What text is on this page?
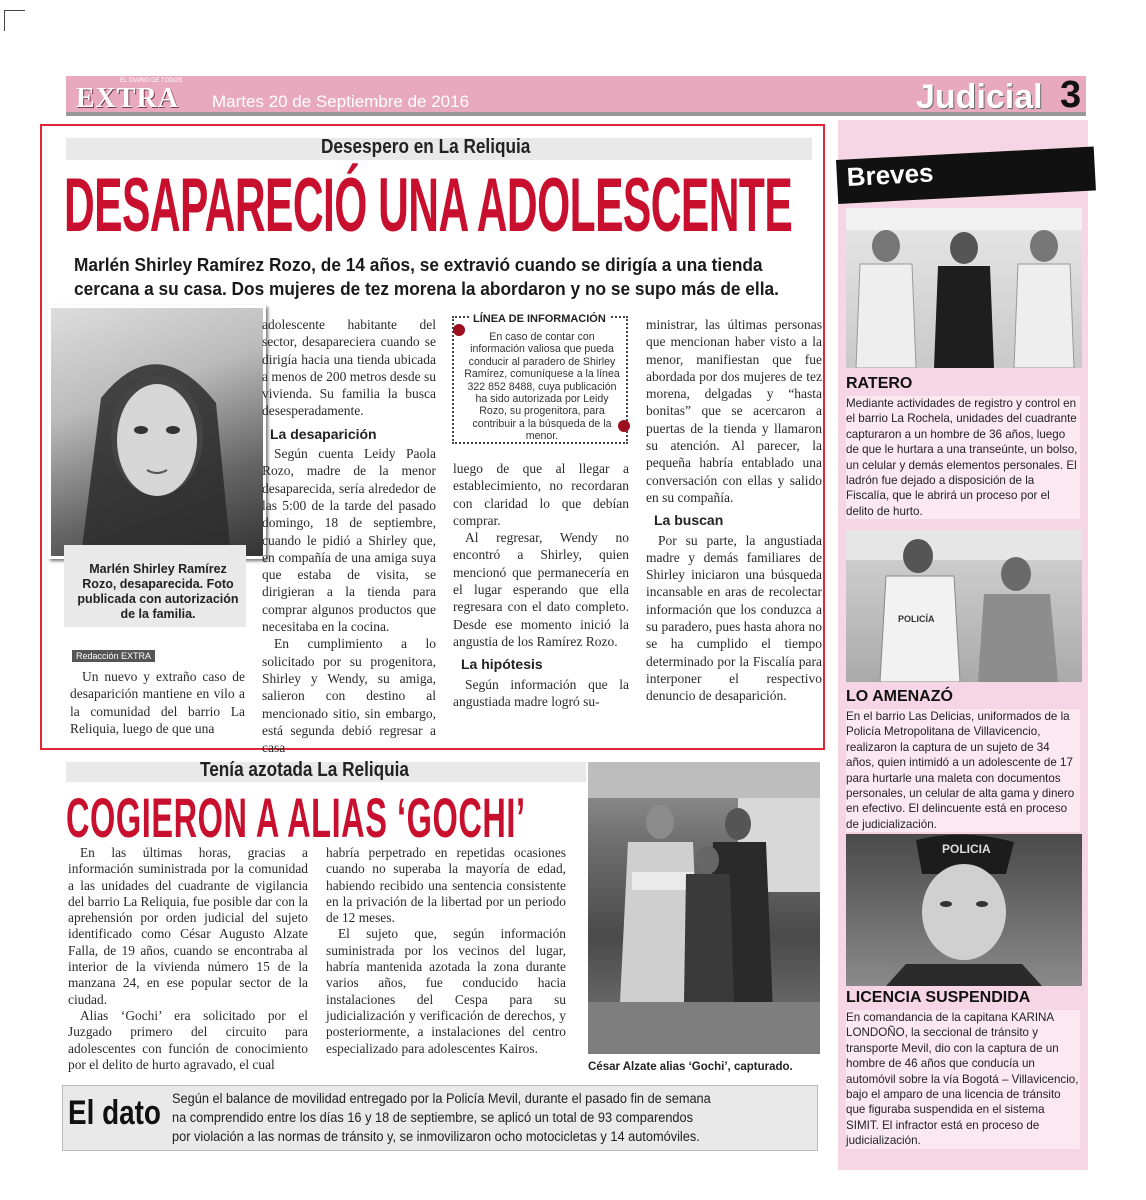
EL DIARIO DE TODOS
EXTRA Martes 20 de Septiembre de 2016	Judicial 3
Desespero en La Reliquia
DESAPARECIÓ UNA ADOLESCENTE
Marlén Shirley Ramírez Rozo, de 14 años, se extravió cuando se dirigía a una tienda
cercana a su casa. Dos mujeres de tez morena la abordaron y no se supo más de ella.
Marlén Shirley Ramírez Rozo, desaparecida. Foto publicada con autorización de la familia.
Redacción EXTRA

Un nuevo y extraño caso de desaparición mantiene en vilo a la comunidad del barrio La Reliquia, luego de que una

adolescente habitante del sector, desapareciera cuando se dirigía hacia una tienda ubicada a menos de 200 metros desde su vivienda. Su familia la busca desesperadamente.

La desaparición

Según cuenta Leidy Paola Rozo, madre de la menor desaparecida, sería alrededor de las 5:00 de la tarde del pasado domingo, 18 de septiembre, cuando le pidió a Shirley que, en compañía de una amiga suya que estaba de visita, se dirigieran a la tienda para comprar algunos productos que necesitaba en la cocina.

En cumplimiento a lo solicitado por su progenitora, Shirley y Wendy, su amiga, salieron con destino al mencionado sitio, sin embargo, está segunda debió regresar a casa

LÍNEA DE INFORMACIÓN
En caso de contar con información valiosa que pueda conducir al paradero de Shirley Ramírez, comuníquese a la línea 322 852 8488, cuya publicación ha sido autorizada por Leidy Rozo, su progenitora, para contribuir a la búsqueda de la menor.

luego de que al llegar a establecimiento, no recordaran con claridad lo que debían comprar.

Al regresar, Wendy no encontró a Shirley, quien mencionó que permanecería en el lugar esperando que ella regresara con el dato completo. Desde ese momento inició la angustia de los Ramírez Rozo.

La hipótesis

Según información que la angustiada madre logró su-

ministrar, las últimas personas que mencionan haber visto a la menor, manifiestan que fue abordada por dos mujeres de tez morena, delgadas y “hasta bonitas” que se acercaron a puertas de la tienda y llamaron su atención. Al parecer, la pequeña habría entablado una conversación con ellas y salido en su compañía.

La buscan

Por su parte, la angustiada madre y demás familiares de Shirley iniciaron una búsqueda incansable en aras de recolectar información que los conduzca a su paradero, pues hasta ahora no se ha cumplido el tiempo determinado por la Fiscalía para interponer el respectivo denuncio de desaparición.

Tenía azotada La Reliquia
COGIERON A ALIAS ‘GOCHI’

En las últimas horas, gracias a información suministrada por la comunidad a las unidades del cuadrante de vigilancia del barrio La Reliquia, fue posible dar con la aprehensión por orden judicial del sujeto identificado como César Augusto Alzate Falla, de 19 años, cuando se encontraba al interior de la vivienda número 15 de la manzana 24, en ese popular sector de la ciudad.

Alias ‘Gochi’ era solicitado por el Juzgado primero del circuito para adolescentes con función de conocimiento por el delito de hurto agravado, el cual

habría perpetrado en repetidas ocasiones cuando no superaba la mayoría de edad, habiendo recibido una sentencia consistente en la privación de la libertad por un periodo de 12 meses.

El sujeto que, según información suministrada por los vecinos del lugar, habría mantenida azotada la zona durante varios años, fue conducido hacia instalaciones del Cespa para su judicialización y verificación de derechos, y posteriormente, a instalaciones del centro especializado para adolescentes Kairos.

César Alzate alias ‘Gochi’, capturado.
El dato Según el balance de movilidad entregado por la Policía Mevil, durante el pasado fin de semana
na comprendido entre los días 16 y 18 de septiembre, se aplicó un total de 93 comparendos
por violación a las normas de tránsito y, se inmovilizaron ocho motocicletas y 14 automóviles.
Breves
RATERO
Mediante actividades de registro y control en el barrio La Rochela, unidades del cuadrante capturaron a un hombre de 36 años, luego de que le hurtara a una transeúnte, un bolso, un celular y demás elementos personales. El ladrón fue dejado a disposición de la Fiscalía, que le abrirá un proceso por el delito de hurto.
POLICÍA
LO AMENAZÓ
En el barrio Las Delicias, uniformados de la Policía Metropolitana de Villavicencio, realizaron la captura de un sujeto de 34 años, quien intimidó a un adolescente de 17 para hurtarle una maleta con documentos personales, un celular de alta gama y dinero en efectivo. El delincuente está en proceso de judicialización.
POLICIA
LICENCIA SUSPENDIDA
En comandancia de la capitana KARINA LONDOÑO, la seccional de tránsito y transporte Mevil, dio con la captura de un hombre de 46 años que conducía un automóvil sobre la vía Bogotá – Villavicencio, bajo el amparo de una licencia de tránsito que figuraba suspendida en el sistema SIMIT. El infractor está en proceso de judicialización.
